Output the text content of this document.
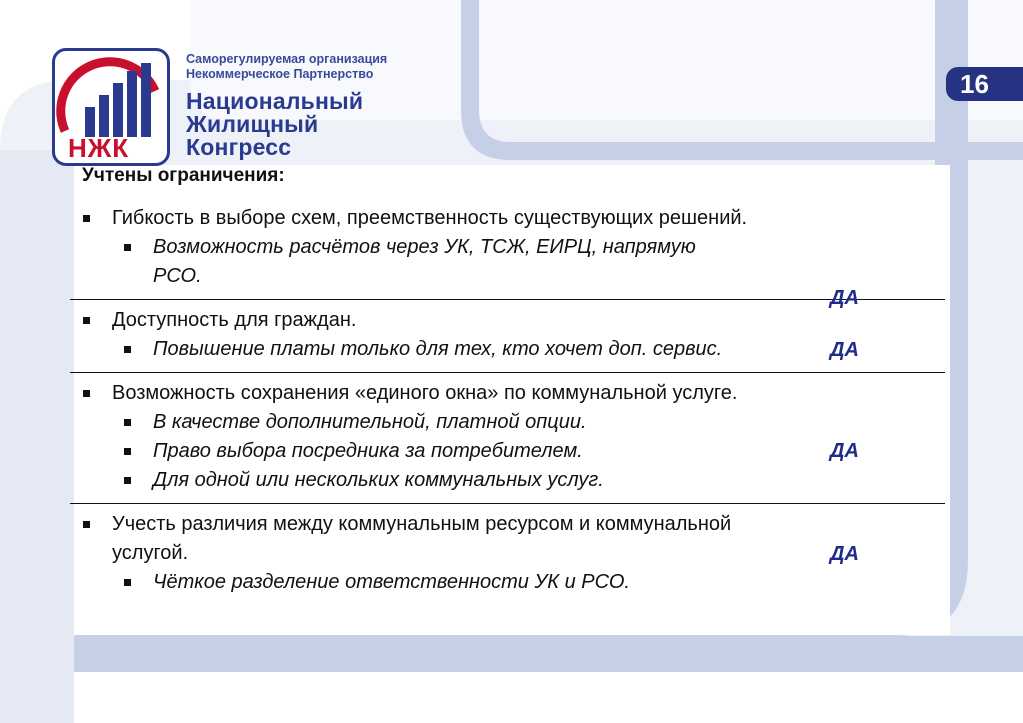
НЖК
Саморегулируемая организация
Некоммерческое Партнерство
Национальный
Жилищный
Конгресс
16
Учтены ограничения:
Гибкость в выборе схем, преемственность существующих решений.
Возможность расчётов через УК, ТСЖ, ЕИРЦ, напрямую РСО.
ДА
Доступность для граждан.
Повышение платы только для тех, кто хочет доп. сервис.	ДА
Возможность сохранения «единого окна» по коммунальной услуге.
В качестве дополнительной, платной опции.
Право выбора посредника за потребителем.
Для одной или нескольких коммунальных услуг.
ДА
Учесть различия между коммунальным ресурсом и коммунальной услугой.
Чёткое разделение ответственности УК и РСО.
ДА
